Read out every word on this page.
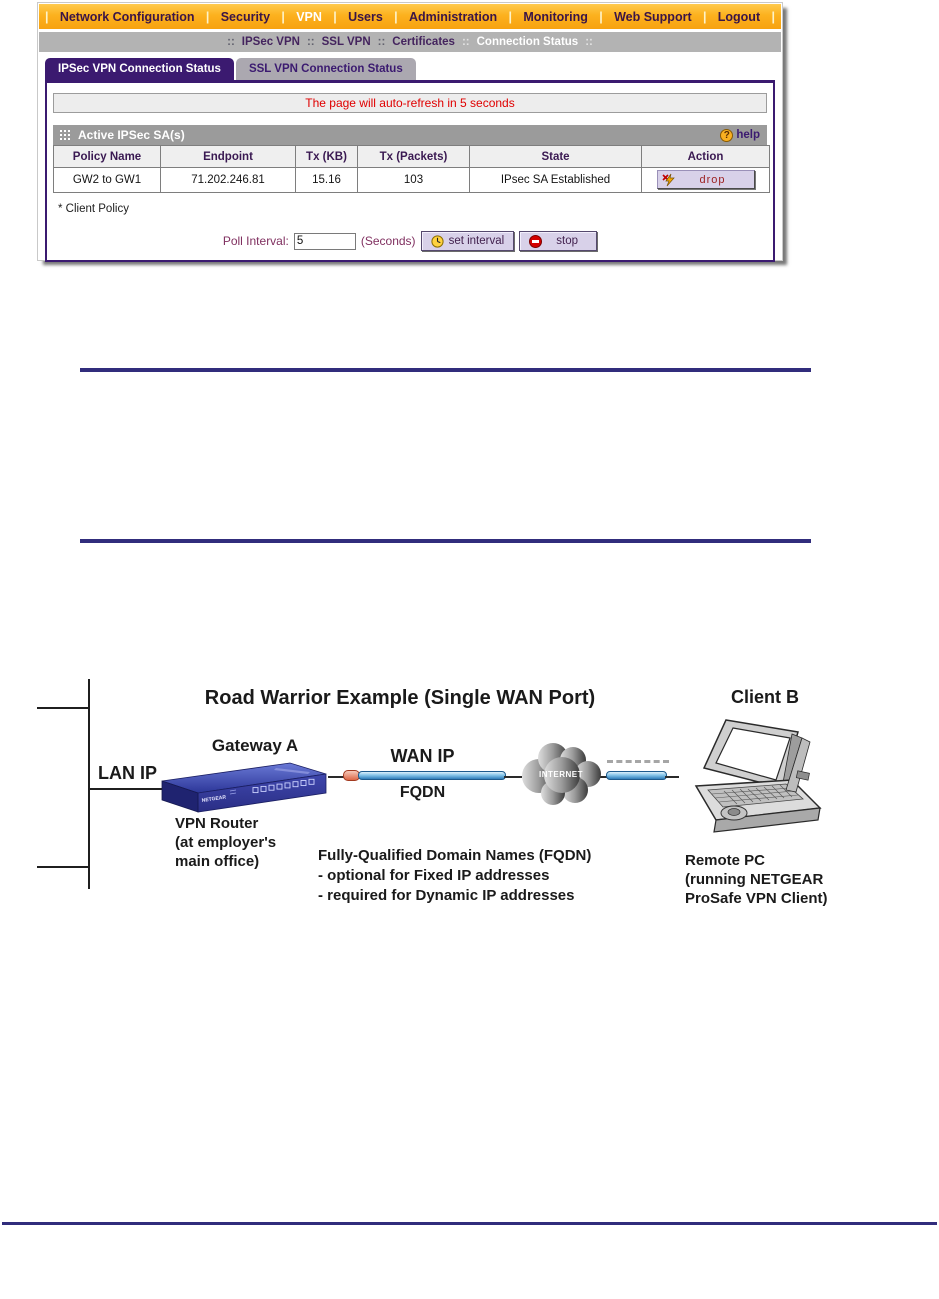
| Network Configuration | Security | VPN | Users | Administration | Monitoring | Web Support | Logout |
:: IPSec VPN :: SSL VPN :: Certificates :: Connection Status ::
IPSec VPN Connection Status	SSL VPN Connection Status
The page will auto-refresh in 5 seconds
Active IPSec SA(s)	? help
Policy Name	Endpoint	Tx (KB)	Tx (Packets)	State	Action
GW2 to GW1	71.202.246.81	15.16	103	IPsec SA Established	drop
* Client Policy
Poll Interval:
5	(Seconds)	set interval	stop
Road Warrior Example (Single WAN Port)	Client B
Gateway A
LAN IP
WAN IP
FQDN
NETGEAR
INTERNET
VPN Router
(at employer's
main office)	Fully-Qualified Domain Names (FQDN)
- optional for Fixed IP addresses
- required for Dynamic IP addresses
Remote PC
(running NETGEAR
ProSafe VPN Client)
